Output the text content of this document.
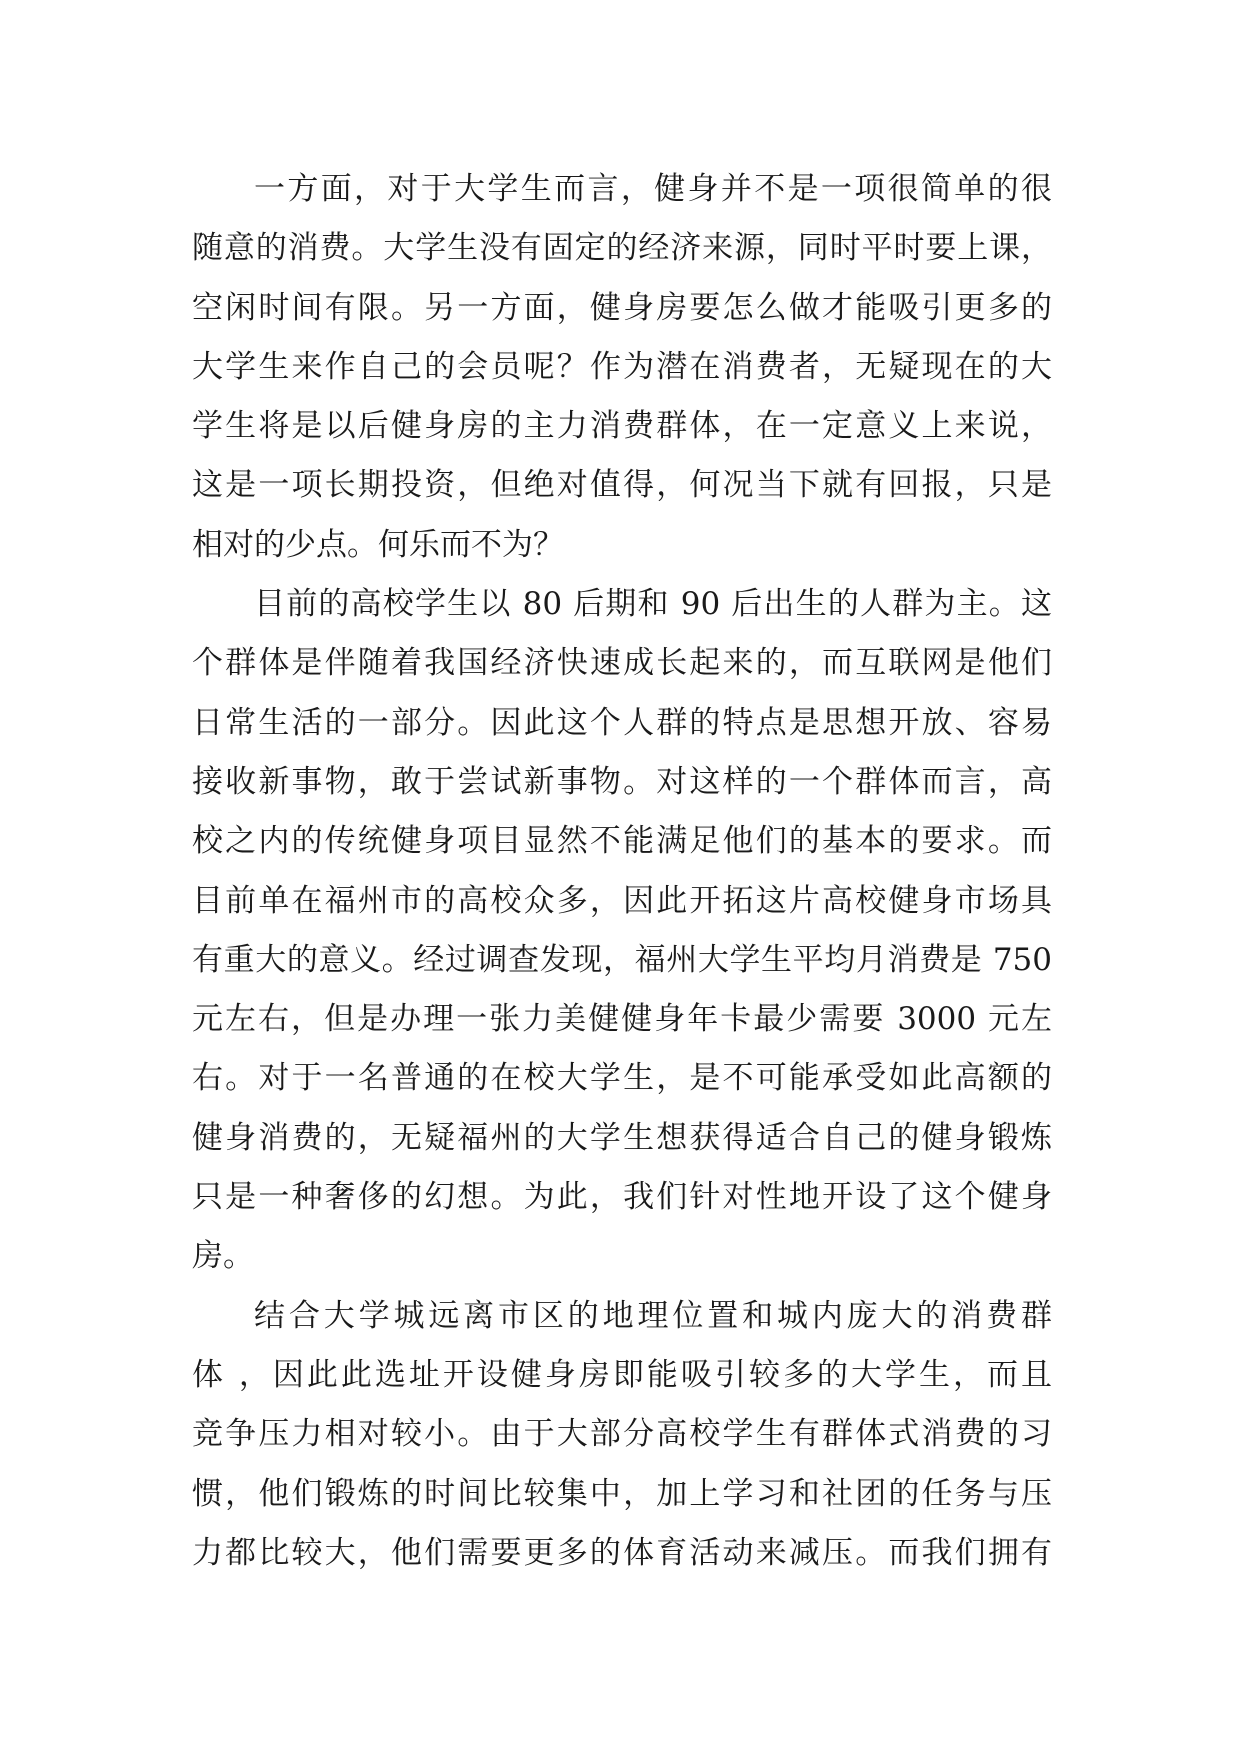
一方面，对于大学生而言，健身并不是一项很简单的很
随意的消费。大学生没有固定的经济来源，同时平时要上课，
空闲时间有限。另一方面，健身房要怎么做才能吸引更多的
大学生来作自己的会员呢？作为潜在消费者，无疑现在的大
学生将是以后健身房的主力消费群体，在一定意义上来说，
这是一项长期投资，但绝对值得，何况当下就有回报，只是
相对的少点。何乐而不为？
目前的高校学生以 80 后期和 90 后出生的人群为主。这
个群体是伴随着我国经济快速成长起来的，而互联网是他们
日常生活的一部分。因此这个人群的特点是思想开放、容易
接收新事物，敢于尝试新事物。对这样的一个群体而言，高
校之内的传统健身项目显然不能满足他们的基本的要求。而
目前单在福州市的高校众多，因此开拓这片高校健身市场具
有重大的意义。经过调查发现，福州大学生平均月消费是 750
元左右，但是办理一张力美健健身年卡最少需要 3000 元左
右。对于一名普通的在校大学生，是不可能承受如此高额的
健身消费的，无疑福州的大学生想获得适合自己的健身锻炼
只是一种奢侈的幻想。为此，我们针对性地开设了这个健身
房。
结合大学城远离市区的地理位置和城内庞大的消费群
体 ，因此此选址开设健身房即能吸引较多的大学生，而且
竞争压力相对较小。由于大部分高校学生有群体式消费的习
惯，他们锻炼的时间比较集中，加上学习和社团的任务与压
力都比较大，他们需要更多的体育活动来减压。而我们拥有
